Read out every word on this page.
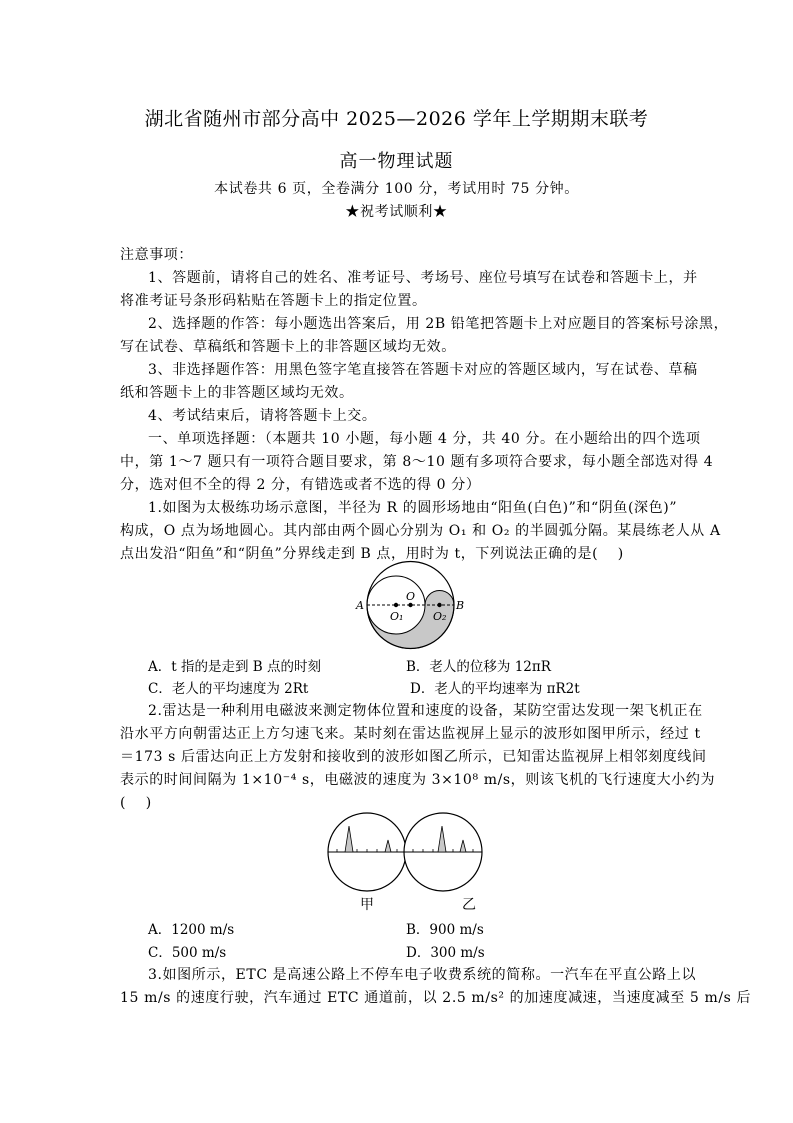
湖北省随州市部分高中 2025—2026 学年上学期期末联考
高一物理试题
本试卷共 6 页，全卷满分 100 分，考试用时 75 分钟。
★祝考试顺利★
注意事项：
1、答题前，请将自己的姓名、准考证号、考场号、座位号填写在试卷和答题卡上，并
将准考证号条形码粘贴在答题卡上的指定位置。
2、选择题的作答：每小题选出答案后，用 2B 铅笔把答题卡上对应题目的答案标号涂黑，
写在试卷、草稿纸和答题卡上的非答题区域均无效。
3、非选择题作答：用黑色签字笔直接答在答题卡对应的答题区域内，写在试卷、草稿
纸和答题卡上的非答题区域均无效。
4、考试结束后，请将答题卡上交。
一、单项选择题：（本题共 10 小题，每小题 4 分，共 40 分。在小题给出的四个选项
中，第 1～7 题只有一项符合题目要求，第 8～10 题有多项符合要求，每小题全部选对得 4
分，选对但不全的得 2 分，有错选或者不选的得 0 分）
1.如图为太极练功场示意图，半径为 R 的圆形场地由“阳鱼(白色)”和“阴鱼(深色)”
构成，O 点为场地圆心。其内部由两个圆心分别为 O₁ 和 O₂ 的半圆弧分隔。某晨练老人从 A
点出发沿“阳鱼”和“阴鱼”分界线走到 B 点，用时为 t，下列说法正确的是(　 )
A	B
O
O₁	O₂
A．t 指的是走到 B 点的时刻	B．老人的位移为 12πR
C．老人的平均速度为 2Rt	D．老人的平均速率为 πR2t
2.雷达是一种利用电磁波来测定物体位置和速度的设备，某防空雷达发现一架飞机正在
沿水平方向朝雷达正上方匀速飞来。某时刻在雷达监视屏上显示的波形如图甲所示，经过 t
＝173 s 后雷达向正上方发射和接收到的波形如图乙所示，已知雷达监视屏上相邻刻度线间
表示的时间间隔为 1×10⁻⁴ s，电磁波的速度为 3×10⁸ m/s，则该飞机的飞行速度大小约为
(　 )
甲	乙
A．1200 m/s	B．900 m/s
C．500 m/s	D．300 m/s
3.如图所示，ETC 是高速公路上不停车电子收费系统的简称。一汽车在平直公路上以
15 m/s 的速度行驶，汽车通过 ETC 通道前，以 2.5 m/s² 的加速度减速，当速度减至 5 m/s 后
